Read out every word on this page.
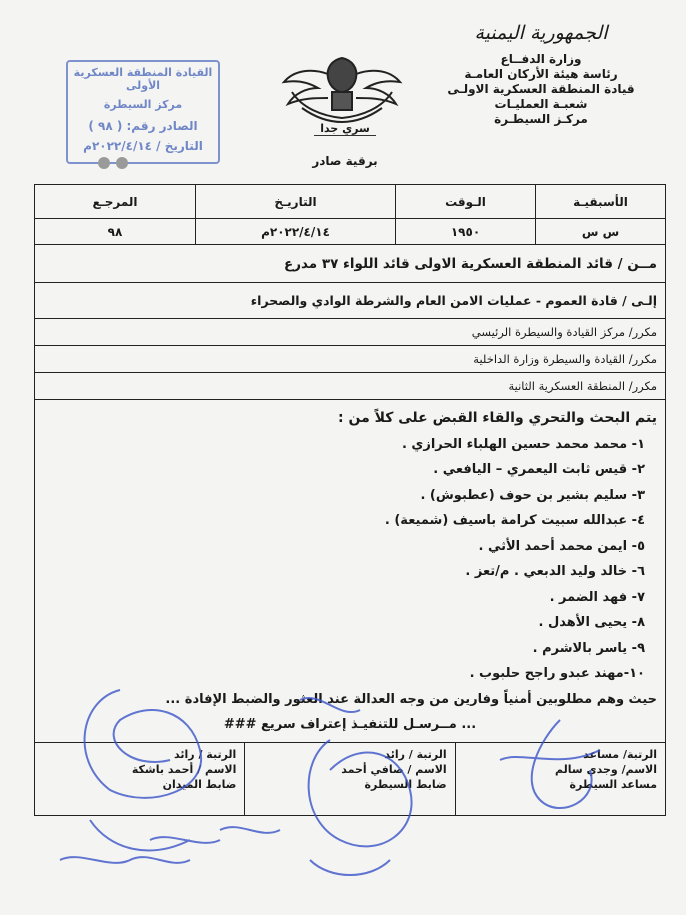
الجمهورية اليمنية
وزارة الدفــاع
رئاسة هيئة الأركان العامـة
قيادة المنطقة العسكرية الاولـى
شعبـة العمليـات
مركـز السيطـرة
سري جدا
برقية صادر
القيادة المنطقة العسكرية الأولى
مركز السيطرة
الصادر رقم: ( ٩٨ )
التاريخ / ٢٠٢٢/٤/١٤م
الأسبقيـة
الـوقت
التاريـخ
المرجـع
س س
١٩٥٠
٢٠٢٢/٤/١٤م
٩٨
مــن / قائد المنطقة العسكرية الاولى قائد اللواء ٣٧ مدرع
إلـى / قادة العموم - عمليات الامن العام والشرطة الوادي والصحراء
مكرر/ مركز القيادة والسيطرة الرئيسي
مكرر/ القيادة والسيطرة وزارة الداخلية
مكرر/ المنطقة العسكرية الثانية
يتم البحث والتحري والقاء القبض على كلاً من :
١- محمد محمد حسين الهلباء الحرازي .
٢- قيس ثابت اليعمري – اليافعي .
٣- سليم بشير بن حوف (عطبوش) .
٤- عبدالله سبيت كرامة باسيف (شميعة) .
٥- ايمن محمد أحمد الأثي .
٦- خالد وليد الدبعي . م/تعز .
٧- فهد الضمر .
٨- يحيى الأهدل .
٩- ياسر بالاشرم .
١٠-مهند عبدو راجح حلبوب .
حيث وهم مطلوبين أمنياً وفارين من وجه العدالة عند العثور والضبط الإفادة ...
... مــرسـل للتنفيـذ إعتراف سريع ###
الرتبة/ مساعد
الاسم/ وجدي سالم
مساعد السيطرة
الرتبة / رائد
الاسم / صافي أحمد
ضابط السيطرة
الرتبة / رائد
الاسم / أحمد باشكة
ضابط الميدان
